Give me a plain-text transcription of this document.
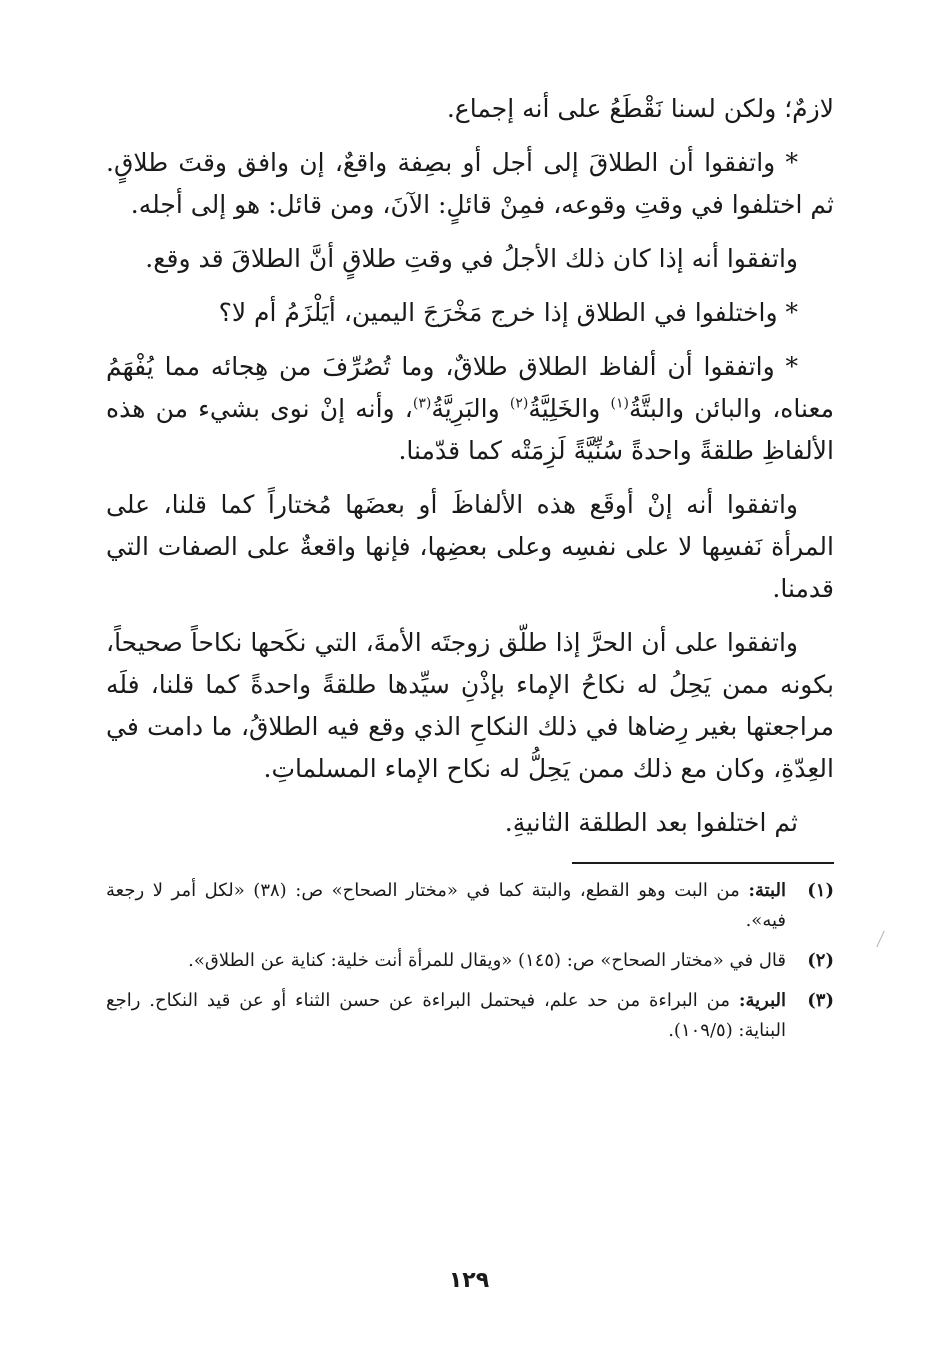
لازمٌ؛ ولكن لسنا نَقْطَعُ على أنه إجماع.

* واتفقوا أن الطلاقَ إلى أجل أو بصِفة واقعٌ، إن وافق وقتَ طلاقٍ. ثم اختلفوا في وقتِ وقوعه، فمِنْ قائلٍ: الآنَ، ومن قائل: هو إلى أجله.

واتفقوا أنه إذا كان ذلك الأجلُ في وقتِ طلاقٍ أنَّ الطلاقَ قد وقع.

* واختلفوا في الطلاق إذا خرج مَخْرَجَ اليمين، أيَلْزَمُ أم لا؟

* واتفقوا أن ألفاظ الطلاق طلاقٌ، وما تُصُرِّفَ من هِجائه مما يُفْهَمُ معناه، والبائن والبتَّةُ$^{(١)}$ والخَلِيَّةُ$^{(٢)}$ والبَرِيَّةُ$^{(٣)}$، وأنه إنْ نوى بشيء من هذه الألفاظِ طلقةً واحدةً سُنِّيَّةً لَزِمَتْه كما قدّمنا.

واتفقوا أنه إنْ أوقَع هذه الألفاظَ أو بعضَها مُختاراً كما قلنا، على المرأة نَفسِها لا على نفسِه وعلى بعضِها، فإنها واقعةٌ على الصفات التي قدمنا.

واتفقوا على أن الحرَّ إذا طلّق زوجتَه الأمةَ، التي نكَحها نكاحاً صحيحاً، بكونه ممن يَحِلُ له نكاحُ الإماء بإذْنِ سيِّدها طلقةً واحدةً كما قلنا، فلَه مراجعتها بغير رِضاها في ذلك النكاحِ الذي وقع فيه الطلاقُ، ما دامت في العِدّةِ، وكان مع ذلك ممن يَحِلُّ له نكاح الإماء المسلماتِ.

ثم اختلفوا بعد الطلقة الثانيةِ.

(١)
البتة: من البت وهو القطع، والبتة كما في «مختار الصحاح» ص: (٣٨) «لكل أمر لا رجعة فيه».
(٢)
قال في «مختار الصحاح» ص: (١٤٥) «ويقال للمرأة أنت خلية: كناية عن الطلاق».
(٣)
البرية: من البراءة من حد علم، فيحتمل البراءة عن حسن الثناء أو عن قيد النكاح. راجع البناية: (١٠٩/٥).
١٢٩
